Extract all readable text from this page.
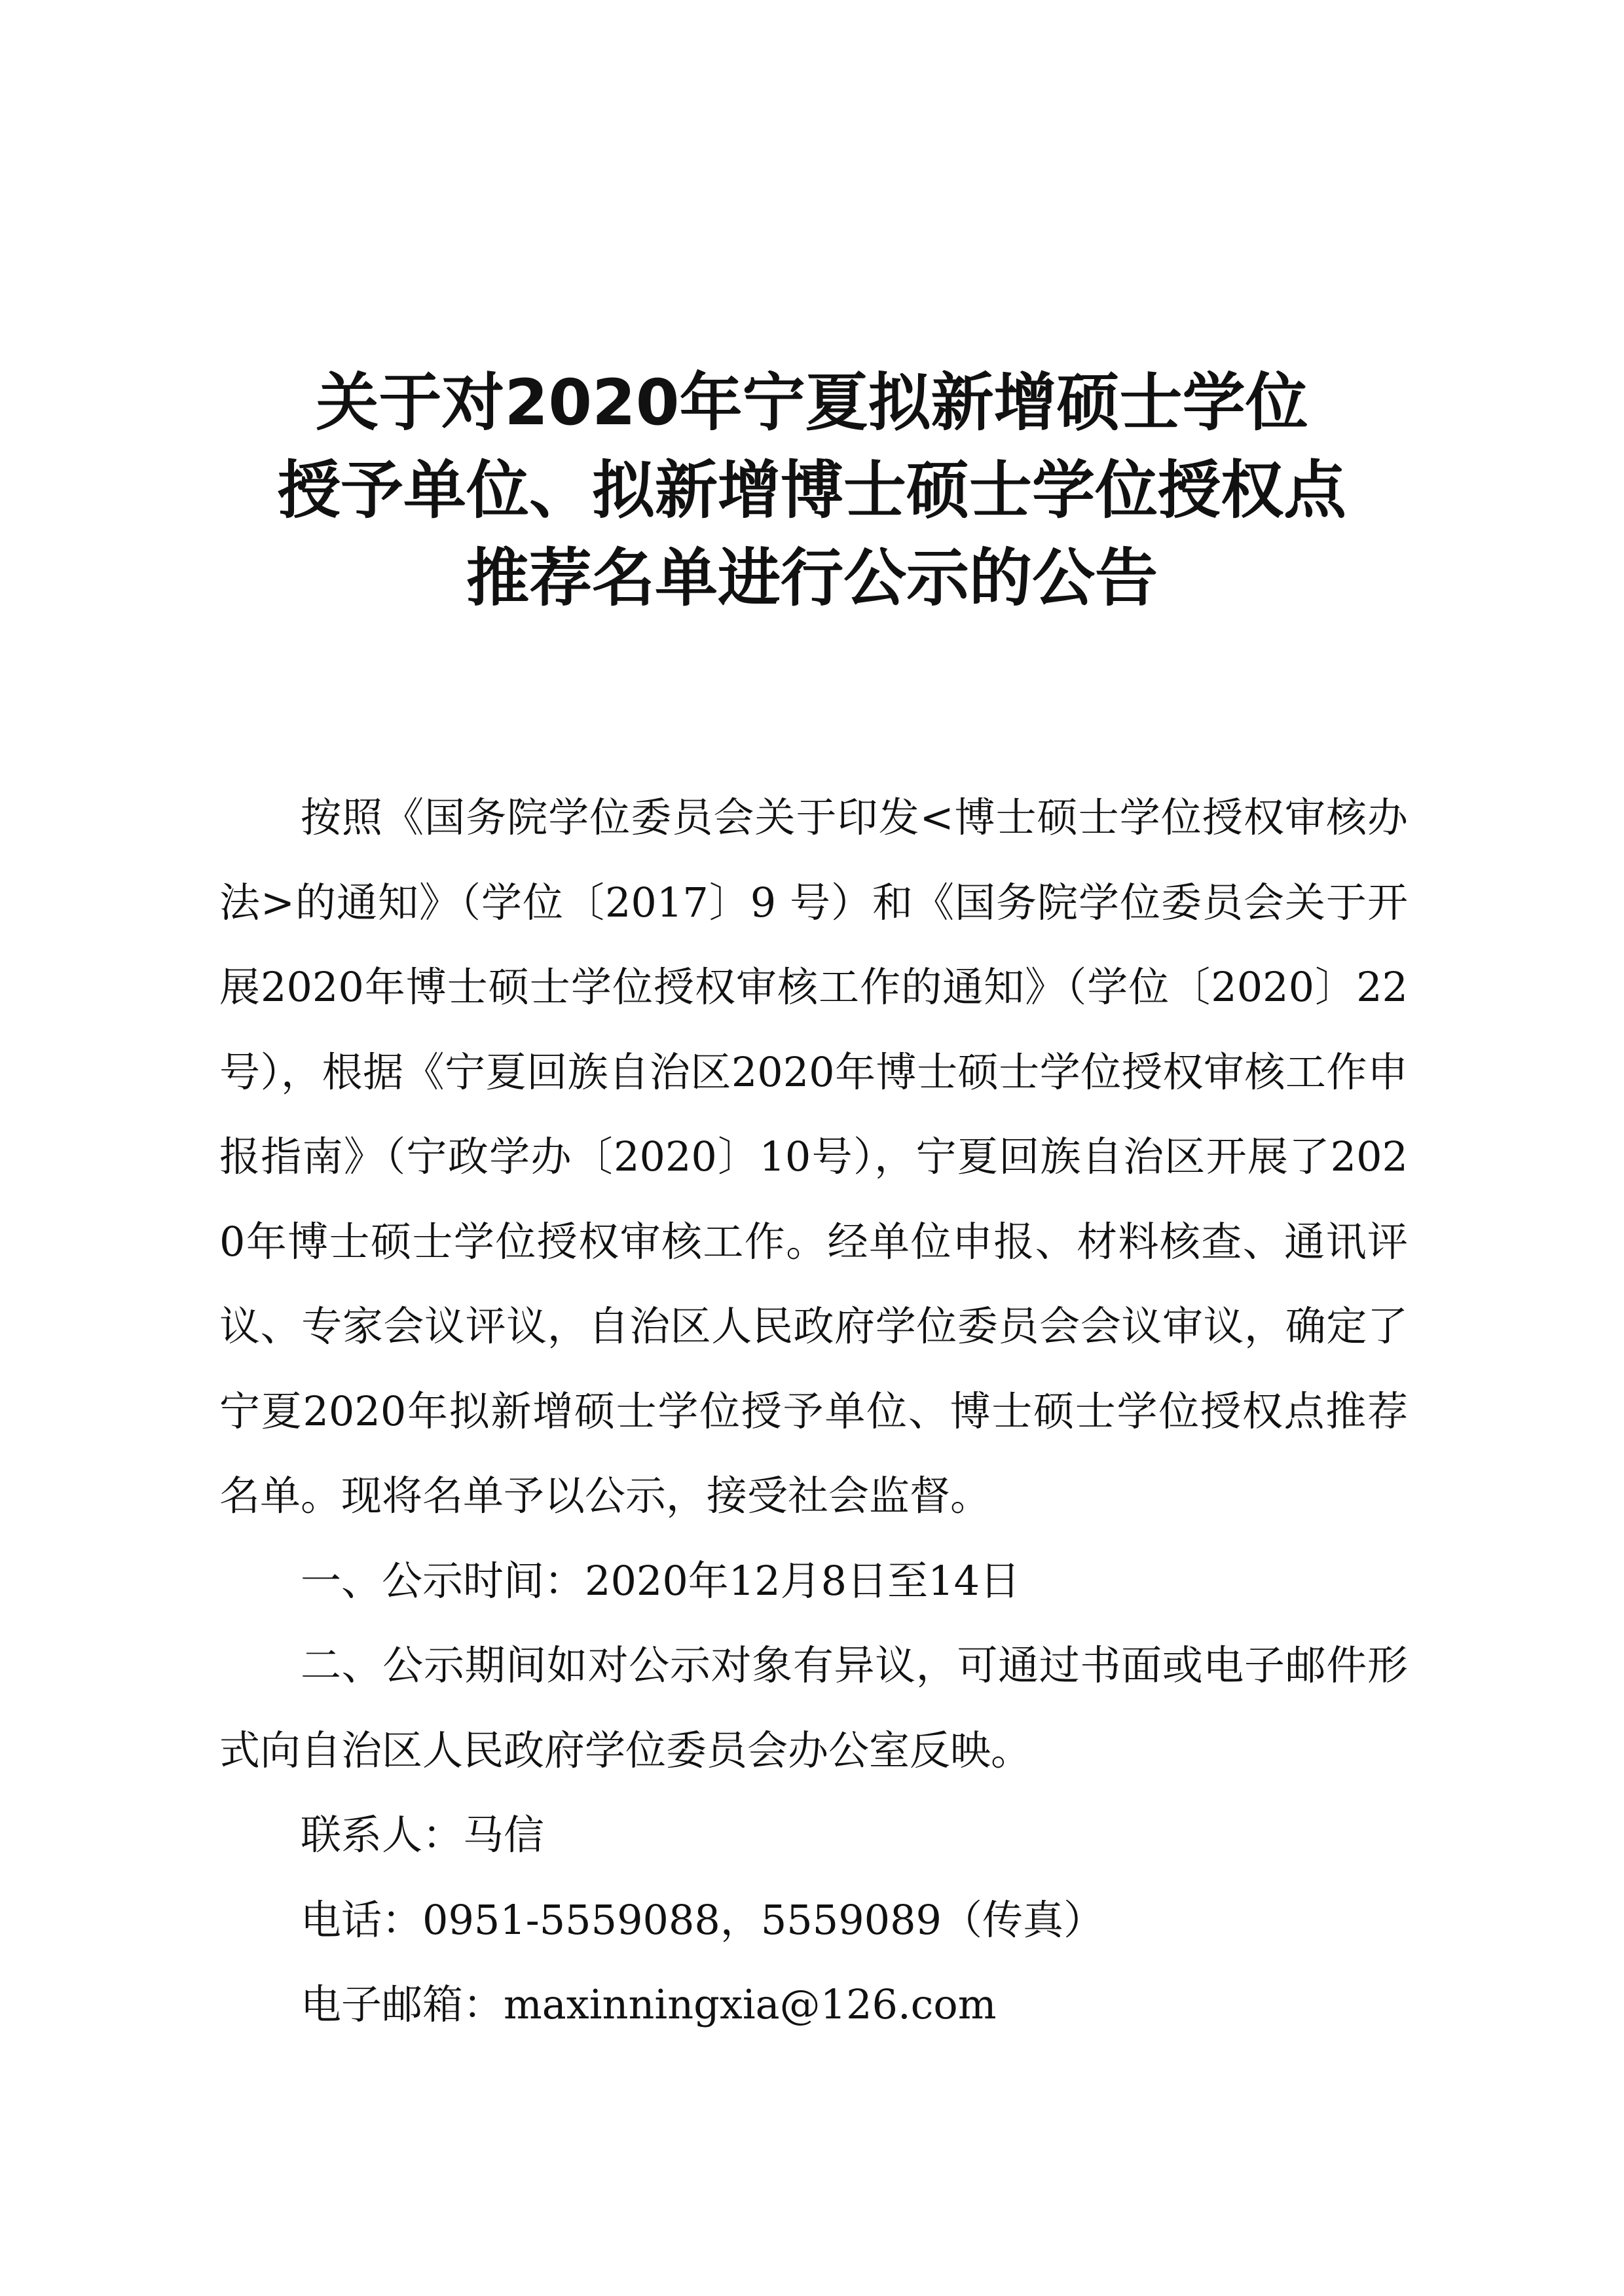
关于对2020年宁夏拟新增硕士学位
授予单位、拟新增博士硕士学位授权点
推荐名单进行公示的公告

按照《国务院学位委员会关于印发<博士硕士学位授权审核办法>的通知》（学位〔2017〕9 号）和《国务院学位委员会关于开展2020年博士硕士学位授权审核工作的通知》（学位〔2020〕22号），根据《宁夏回族自治区2020年博士硕士学位授权审核工作申报指南》（宁政学办〔2020〕10号），宁夏回族自治区开展了2020年博士硕士学位授权审核工作。经单位申报、材料核查、通讯评议、专家会议评议，自治区人民政府学位委员会会议审议，确定了宁夏2020年拟新增硕士学位授予单位、博士硕士学位授权点推荐名单。现将名单予以公示，接受社会监督。

一、公示时间：2020年12月8日至14日

二、公示期间如对公示对象有异议，可通过书面或电子邮件形式向自治区人民政府学位委员会办公室反映。

联系人：马信

电话：0951-5559088，5559089（传真）

电子邮箱：maxinningxia@126.com
